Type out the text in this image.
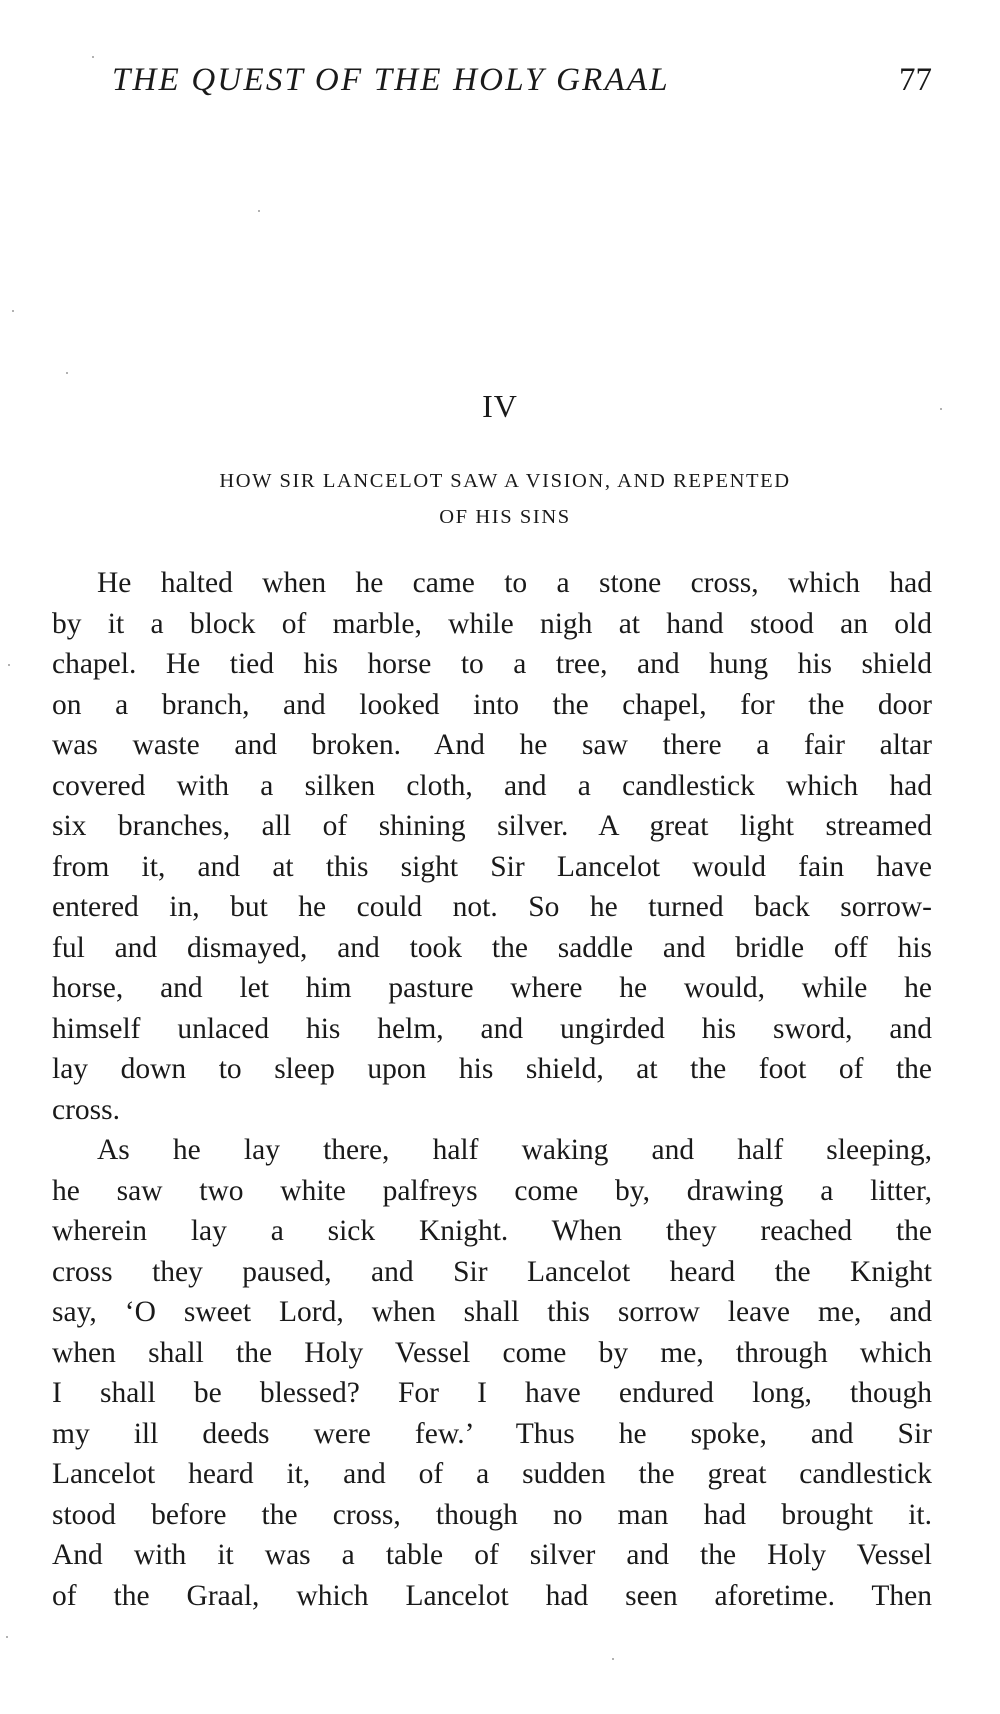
THE QUEST OF THE HOLY GRAAL	77
IV
HOW SIR LANCELOT SAW A VISION, AND REPENTED
OF HIS SINS
He halted when he came to a stone cross, which had
by it a block of marble, while nigh at hand stood an old
chapel. He tied his horse to a tree, and hung his shield
on a branch, and looked into the chapel, for the door
was waste and broken. And he saw there a fair altar
covered with a silken cloth, and a candlestick which had
six branches, all of shining silver. A great light streamed
from it, and at this sight Sir Lancelot would fain have
entered in, but he could not. So he turned back sorrow-
ful and dismayed, and took the saddle and bridle off his
horse, and let him pasture where he would, while he
himself unlaced his helm, and ungirded his sword, and
lay down to sleep upon his shield, at the foot of the
cross.
As he lay there, half waking and half sleeping,
he saw two white palfreys come by, drawing a litter,
wherein lay a sick Knight. When they reached the
cross they paused, and Sir Lancelot heard the Knight
say, ‘O sweet Lord, when shall this sorrow leave me, and
when shall the Holy Vessel come by me, through which
I shall be blessed? For I have endured long, though
my ill deeds were few.’ Thus he spoke, and Sir
Lancelot heard it, and of a sudden the great candlestick
stood before the cross, though no man had brought it.
And with it was a table of silver and the Holy Vessel
of the Graal, which Lancelot had seen aforetime. Then
